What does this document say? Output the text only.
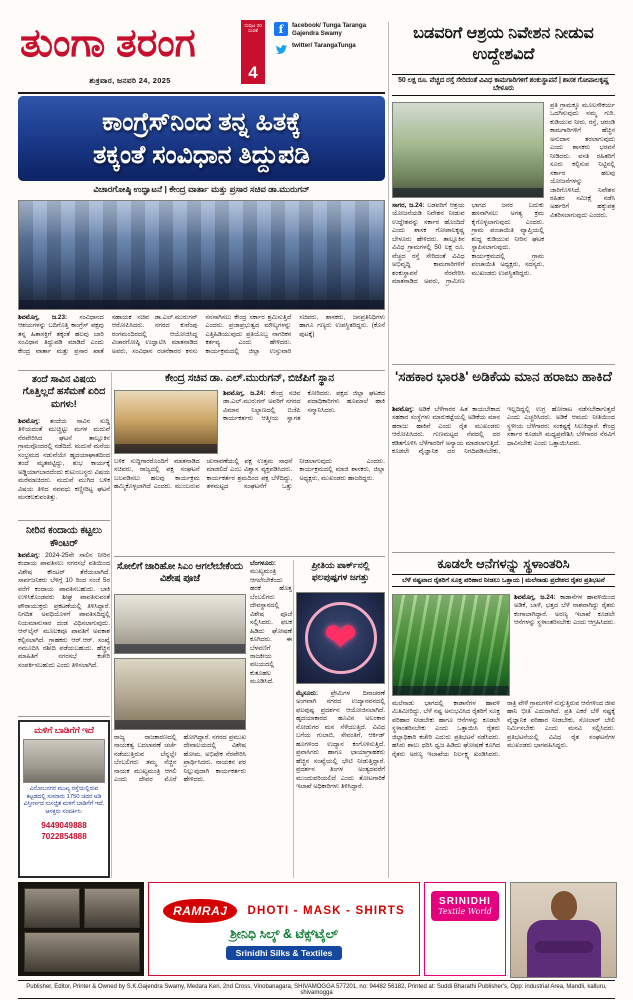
ತುಂಗಾ ತರಂಗ
ಶುಕ್ರವಾರ, ಜನವರಿ 24, 2025
ಸಂಪುಟ 20 ಸಂಚಿಕೆ
4
f	facebook/ Tunga Taranga Gajendra Swamy
twitter/ TarangaTunga
ಕಾಂಗ್ರೆಸ್‌ನಿಂದ ತನ್ನ ಹಿತಕ್ಕೆ
ತಕ್ಕಂತೆ ಸಂವಿಧಾನ ತಿದ್ದುಪಡಿ
ವಿಚಾರಗೋಷ್ಠಿ ಉದ್ಘಾಟನೆ | ಕೇಂದ್ರ ವಾರ್ತಾ ಮತ್ತು ಪ್ರಸಾರ ಸಚಿವ ಡಾ.ಮುರುಗನ್
ಶಿವಮೊಗ್ಗ, ಜ.23: ಸಂವಿಧಾನದ ಆಶಯಗಳನ್ನು ಬದಿಗೊತ್ತಿ ಕಾಂಗ್ರೆಸ್ ಪಕ್ಷವು ತನ್ನ ಹಿತಾಸಕ್ತಿಗೆ ತಕ್ಕಂತೆ ಹಲವು ಬಾರಿ ಸಂವಿಧಾನ ತಿದ್ದುಪಡಿ ಮಾಡಿದೆ ಎಂದು ಕೇಂದ್ರ ವಾರ್ತಾ ಮತ್ತು ಪ್ರಸಾರ ಖಾತೆ ಸಹಾಯಕ ಸಚಿವ ಡಾ.ಎಲ್.ಮುರುಗನ್ ಆರೋಪಿಸಿದರು. ನಗರದ ಕುವೆಂಪು ರಂಗಮಂದಿರದಲ್ಲಿ ಆಯೋಜಿಸಿದ್ದ ವಿಚಾರಗೋಷ್ಠಿ ಉದ್ಘಾಟಿಸಿ ಮಾತನಾಡಿದ ಅವರು, ಸಂವಿಧಾನ ರಚನೆಕಾರರ ಕನಸು ನನಸಾಗಿಸಲು ಕೇಂದ್ರ ಸರ್ಕಾರ ಶ್ರಮಿಸುತ್ತಿದೆ ಎಂದರು. ಪ್ರಜಾಪ್ರಭುತ್ವದ ಮೌಲ್ಯಗಳನ್ನು ಎತ್ತಿಹಿಡಿಯುವುದು ಪ್ರತಿಯೊಬ್ಬ ನಾಗರಿಕನ ಕರ್ತವ್ಯ ಎಂದು ಹೇಳಿದರು. ಕಾರ್ಯಕ್ರಮದಲ್ಲಿ ಜಿಲ್ಲಾ ಉಸ್ತುವಾರಿ ಸಚಿವರು, ಶಾಸಕರು, ಜನಪ್ರತಿನಿಧಿಗಳು ಹಾಗೂ ಗಣ್ಯರು ಉಪಸ್ಥಿತರಿದ್ದರು. (ಕೊನೆ ಪುಟಕ್ಕೆ)
ಬಡವರಿಗೆ ಆಶ್ರಯ ನಿವೇಶನ ನೀಡುವ ಉದ್ದೇಶವಿದೆ
50 ಲಕ್ಷ ರೂ. ವೆಚ್ಚದ ರಸ್ತೆ ಸೇರಿದಂತೆ ವಿವಿಧ ಕಾಮಗಾರಿಗಳಿಗೆ ಶಂಕುಸ್ಥಾಪನೆ | ಶಾಸಕ ಗೋಪಾಲಕೃಷ್ಣ ಬೇಳೂರು
ಪ್ರತಿ ಗ್ರಾಮಕ್ಕೂ ಮೂಲಸೌಕರ್ಯ ಒದಗಿಸುವುದು ನಮ್ಮ ಗುರಿ. ಕುಡಿಯುವ ನೀರು, ರಸ್ತೆ, ಚರಂಡಿ ಕಾಮಗಾರಿಗಳಿಗೆ ಹೆಚ್ಚಿನ ಅನುದಾನ ತರಲಾಗುವುದು ಎಂದು ಶಾಸಕರು ಭರವಸೆ ನೀಡಿದರು. ವಸತಿ ರಹಿತರಿಗೆ ಸೂರು ಕಲ್ಪಿಸುವ ನಿಟ್ಟಿನಲ್ಲಿ ಸರ್ಕಾರ ಹಲವು ಯೋಜನೆಗಳನ್ನು ಜಾರಿಗೊಳಿಸಿದೆ. ನಿವೇಶನ ರಹಿತರ ಸಮೀಕ್ಷೆ ನಡೆಸಿ ಅರ್ಹರಿಗೆ ಹಕ್ಕುಪತ್ರ ವಿತರಿಸಲಾಗುವುದು ಎಂದರು.
ಸಾಗರ, ಜ.24: ಬಡವರಿಗೆ ಆಶ್ರಯ ಯೋಜನೆಯಡಿ ನಿವೇಶನ ನೀಡುವ ಉದ್ದೇಶವನ್ನು ಸರ್ಕಾರ ಹೊಂದಿದೆ ಎಂದು ಶಾಸಕ ಗೋಪಾಲಕೃಷ್ಣ ಬೇಳೂರು ಹೇಳಿದರು. ತಾಲ್ಲೂಕಿನ ವಿವಿಧ ಗ್ರಾಮಗಳಲ್ಲಿ 50 ಲಕ್ಷ ರೂ. ವೆಚ್ಚದ ರಸ್ತೆ ಸೇರಿದಂತೆ ವಿವಿಧ ಅಭಿವೃದ್ಧಿ ಕಾಮಗಾರಿಗಳಿಗೆ ಶಂಕುಸ್ಥಾಪನೆ ನೆರವೇರಿಸಿ ಮಾತನಾಡಿದ ಅವರು, ಗ್ರಾಮೀಣ ಭಾಗದ ಜನರ ಬದುಕು ಹಸನಾಗಿಸಲು ಅಗತ್ಯ ಕ್ರಮ ಕೈಗೊಳ್ಳಲಾಗುವುದು ಎಂದರು. ಗ್ರಾಮ ಪಂಚಾಯಿತಿ ವ್ಯಾಪ್ತಿಯಲ್ಲಿ ಶುದ್ಧ ಕುಡಿಯುವ ನೀರಿನ ಘಟಕ ಸ್ಥಾಪಿಸಲಾಗುವುದು. ಕಾರ್ಯಕ್ರಮದಲ್ಲಿ ಗ್ರಾಮ ಪಂಚಾಯಿತಿ ಅಧ್ಯಕ್ಷರು, ಸದಸ್ಯರು, ಮುಖಂಡರು ಉಪಸ್ಥಿತರಿದ್ದರು.
ತಂದೆ ಸಾವಿನ ವಿಷಯ ಗೊತ್ತಿಲ್ಲದೆ ಹಸೆಮಣೆ ಏರಿದ ಮಗಳು!
ಶಿವಮೊಗ್ಗ: ತಂದೆಯ ಸಾವಿನ ಸುದ್ದಿ ತಿಳಿಯದಂತೆ ಮುಚ್ಚಿಟ್ಟು ಮಗಳ ಮದುವೆ ನೆರವೇರಿಸಿದ ಘಟನೆ ತಾಲ್ಲೂಕಿನ ಗ್ರಾಮವೊಂದರಲ್ಲಿ ನಡೆದಿದೆ. ಮದುವೆ ಮನೆಯ ಸಂಭ್ರಮದ ನಡುವೆಯೇ ಹೃದಯಾಘಾತದಿಂದ ತಂದೆ ಮೃತಪಟ್ಟಿದ್ದು, ಶುಭ ಕಾರ್ಯಕ್ಕೆ ಅಡ್ಡಿಯಾಗಬಾರದೆಂದು ಕುಟುಂಬಸ್ಥರು ವಿಷಯ ಮರೆಮಾಚಿದರು. ಮದುವೆ ಮುಗಿದ ಬಳಿಕ ವಿಷಯ ತಿಳಿದ ನವವಧು ಕಣ್ಣೀರಿಟ್ಟ ಘಟನೆ ಮನಕಲಕುವಂತಿತ್ತು.
ನೀರಿನ ಕಂದಾಯ ಕಟ್ಟಲು ಕೌಂಟರ್
ಶಿವಮೊಗ್ಗ: 2024-25ನೇ ಸಾಲಿನ ನೀರಿನ ಕಂದಾಯ ಪಾವತಿಸಲು ನಗರಸಭೆ ವತಿಯಿಂದ ವಿಶೇಷ ಕೌಂಟರ್ ತೆರೆಯಲಾಗಿದೆ. ಸಾರ್ವಜನಿಕರು ಬೆಳಿಗ್ಗೆ 10 ರಿಂದ ಸಂಜೆ 5ರ ವರೆಗೆ ಕಂದಾಯ ಪಾವತಿಸಬಹುದು. ಬಾಕಿ ಉಳಿಸಿಕೊಂಡವರು ಶೀಘ್ರ ಪಾವತಿಸುವಂತೆ ಪೌರಾಯುಕ್ತರು ಪ್ರಕಟಣೆಯಲ್ಲಿ ತಿಳಿಸಿದ್ದಾರೆ. ನಿಗದಿತ ಅವಧಿಯೊಳಗೆ ಪಾವತಿಸದಿದ್ದಲ್ಲಿ ನಿಯಮಾನುಸಾರ ದಂಡ ವಿಧಿಸಲಾಗುವುದು. ಆನ್‌ಲೈನ್ ಮೂಲಕವೂ ಪಾವತಿಗೆ ಅವಕಾಶ ಕಲ್ಪಿಸಲಾಗಿದೆ. ಗ್ರಾಹಕರು ಆರ್.ಆರ್. ಸಂಖ್ಯೆ ನಮೂದಿಸಿ ರಶೀದಿ ಪಡೆಯಬಹುದು. ಹೆಚ್ಚಿನ ಮಾಹಿತಿಗೆ ನಗರಸಭೆ ಕಚೇರಿ ಸಂಪರ್ಕಿಸಬಹುದು ಎಂದು ತಿಳಿಸಲಾಗಿದೆ.
ಮಳಿಗೆ ಬಾಡಿಗೆಗೆ ಇದೆ
ವಿನೋಬನಗರ ಮುಖ್ಯ ರಸ್ತೆಯಲ್ಲಿರುವ ಕಟ್ಟಡದಲ್ಲಿ ಸುಮಾರು 1750 ಚದರ ಅಡಿ ವಿಸ್ತೀರ್ಣದ ಸುಸಜ್ಜಿತ ಮಳಿಗೆ ಬಾಡಿಗೆಗೆ ಇದೆ. ಆಸಕ್ತರು ಸಂಪರ್ಕಿಸಿ:
9449049888
7022854888
ಕೇಂದ್ರ ಸಚಿವ ಡಾ. ಎಲ್.ಮುರುಗನ್, ಬಿಜೆಪಿಗೆ ಸ್ಥಾನ
ಶಿವಮೊಗ್ಗ, ಜ.24: ಕೇಂದ್ರ ಸಚಿವ ಡಾ.ಎಲ್.ಮುರುಗನ್ ಅವರಿಗೆ ನಗರದ ವಿಮಾನ ನಿಲ್ದಾಣದಲ್ಲಿ ಬಿಜೆಪಿ ಕಾರ್ಯಕರ್ತರು ಆತ್ಮೀಯ ಸ್ವಾಗತ ಕೋರಿದರು. ಪಕ್ಷದ ಜಿಲ್ಲಾ ಘಟಕದ ಪದಾಧಿಕಾರಿಗಳು ಹೂಮಾಲೆ ಹಾಕಿ ಸನ್ಮಾನಿಸಿದರು.
ಬಳಿಕ ಸುದ್ದಿಗಾರರೊಂದಿಗೆ ಮಾತನಾಡಿದ ಸಚಿವರು, ರಾಜ್ಯದಲ್ಲಿ ಪಕ್ಷ ಸಂಘಟನೆ ಬಲಪಡಿಸಲು ಹಲವು ಕಾರ್ಯಕ್ರಮ ಹಮ್ಮಿಕೊಳ್ಳಲಾಗಿದೆ ಎಂದರು. ಮುಂಬರುವ ಚುನಾವಣೆಯಲ್ಲಿ ಪಕ್ಷ ಉತ್ತಮ ಸಾಧನೆ ಮಾಡಲಿದೆ ಎಂಬ ವಿಶ್ವಾಸ ವ್ಯಕ್ತಪಡಿಸಿದರು. ಕಾರ್ಯಕರ್ತರ ಶ್ರಮದಿಂದ ಪಕ್ಷ ಬೆಳೆದಿದ್ದು, ತಳಮಟ್ಟದ ಸಂಘಟನೆಗೆ ಒತ್ತು ನೀಡಲಾಗುವುದು ಎಂದರು. ಕಾರ್ಯಕ್ರಮದಲ್ಲಿ ಮಾಜಿ ಶಾಸಕರು, ಜಿಲ್ಲಾ ಅಧ್ಯಕ್ಷರು, ಮುಖಂಡರು ಹಾಜರಿದ್ದರು.
ಸೋಲಿಗೆ ಜಾರಿಹೋ ಸಿಎಂ ಆಗಲೇಬೇಕೆಂದು ವಿಶೇಷ ಪೂಜೆ
ಬೆಂಗಳೂರು: ಮುಖ್ಯಮಂತ್ರಿ ಆಗಲೇಬೇಕೆಂದು ಹರಕೆ ಹೊತ್ತ ಬೆಂಬಲಿಗರು ದೇವಸ್ಥಾನದಲ್ಲಿ ವಿಶೇಷ ಪೂಜೆ ಸಲ್ಲಿಸಿದರು. ಫಲಕ ಹಿಡಿದು ಘೋಷಣೆ ಕೂಗಿದರು. ಈ ಬೆಳವಣಿಗೆ ರಾಜಕೀಯ ವಲಯದಲ್ಲಿ ಕುತೂಹಲ ಮೂಡಿಸಿದೆ.
ರಾಜ್ಯ ರಾಜಕಾರಣದಲ್ಲಿ ನಾಯಕತ್ವ ಬದಲಾವಣೆ ಚರ್ಚೆ ನಡೆಯುತ್ತಿರುವ ಬೆನ್ನಲ್ಲೇ ಬೆಂಬಲಿಗರು ತಮ್ಮ ನೆಚ್ಚಿನ ನಾಯಕ ಮುಖ್ಯಮಂತ್ರಿ ಆಗಲಿ ಎಂದು ದೇವರ ಮೊರೆ ಹೋಗಿದ್ದಾರೆ. ನಗರದ ಪ್ರಮುಖ ದೇವಾಲಯದಲ್ಲಿ ವಿಶೇಷ ಹೋಮ, ಅಭಿಷೇಕ ನೆರವೇರಿಸಿ ಪ್ರಾರ್ಥಿಸಿದರು. ನಾಯಕನ ಪರ ನಿಲ್ಲುವುದಾಗಿ ಕಾರ್ಯಕರ್ತರು ಹೇಳಿದರು.
ಪ್ರೀತಿಯ ಪಾರ್ಕ್‌ನಲ್ಲಿ ಫಲಪುಷ್ಪಗಳ ಜಗತ್ತು
❤
ಮೈಸೂರು: ಪ್ರೇಮಿಗಳ ದಿನಾಚರಣೆ ಅಂಗವಾಗಿ ನಗರದ ಉದ್ಯಾನವನದಲ್ಲಿ ಫಲಪುಷ್ಪ ಪ್ರದರ್ಶನ ಆಯೋಜಿಸಲಾಗಿದೆ. ಹೃದಯಾಕಾರದ ಹೂವಿನ ಅಲಂಕಾರ ನೋಡುಗರ ಮನ ಸೆಳೆಯುತ್ತಿದೆ. ವಿವಿಧ ಬಗೆಯ ಗುಲಾಬಿ, ಸೇವಂತಿಗೆ, ಆರ್ಕಿಡ್ ಹೂಗಳಿಂದ ಉದ್ಯಾನ ಕಂಗೊಳಿಸುತ್ತಿದೆ. ಪ್ರವಾಸಿಗರು ಹಾಗೂ ಛಾಯಾಗ್ರಾಹಕರು ಹೆಚ್ಚಿನ ಸಂಖ್ಯೆಯಲ್ಲಿ ಭೇಟಿ ನೀಡುತ್ತಿದ್ದಾರೆ. ಪ್ರದರ್ಶನ ತಿಂಗಳ ಅಂತ್ಯದವರೆಗೆ ಮುಂದುವರಿಯಲಿದೆ ಎಂದು ತೋಟಗಾರಿಕೆ ಇಲಾಖೆ ಅಧಿಕಾರಿಗಳು ತಿಳಿಸಿದ್ದಾರೆ.
'ಸಹಕಾರ ಭಾರತಿ' ಅಡಿಕೆಯ ಮಾನ ಹರಾಜು ಹಾಕಿದೆ
ಶಿವಮೊಗ್ಗ: ಅಡಿಕೆ ಬೆಳೆಗಾರರ ಹಿತ ಕಾಯಬೇಕಾದ ಸಹಕಾರ ಸಂಸ್ಥೆಗಳು ಮಾರುಕಟ್ಟೆಯಲ್ಲಿ ಅಡಿಕೆಯ ಮಾನ ಹರಾಜು ಹಾಕಿವೆ ಎಂದು ರೈತ ಮುಖಂಡರು ಆರೋಪಿಸಿದರು. ಗುಣಮಟ್ಟದ ನೆಪದಲ್ಲಿ ದರ ಕಡಿತಗೊಳಿಸಿ ಬೆಳೆಗಾರರಿಗೆ ಅನ್ಯಾಯ ಮಾಡಲಾಗುತ್ತಿದೆ. ಕೂಡಲೇ ವೈಜ್ಞಾನಿಕ ದರ ನಿಗದಿಪಡಿಸಬೇಕು, ಇಲ್ಲದಿದ್ದಲ್ಲಿ ಉಗ್ರ ಹೋರಾಟ ನಡೆಸಬೇಕಾಗುತ್ತದೆ ಎಂದು ಎಚ್ಚರಿಸಿದರು. ಅಡಿಕೆ ಆಮದು ನೀತಿಯಿಂದ ಸ್ಥಳೀಯ ಬೆಳೆಗಾರರು ಸಂಕಷ್ಟಕ್ಕೆ ಸಿಲುಕಿದ್ದಾರೆ. ಕೇಂದ್ರ ಸರ್ಕಾರ ಕೂಡಲೇ ಮಧ್ಯಪ್ರವೇಶಿಸಿ ಬೆಳೆಗಾರರ ನೆರವಿಗೆ ಧಾವಿಸಬೇಕು ಎಂದು ಒತ್ತಾಯಿಸಿದರು.
ಕೂಡಲೇ ಆನೆಗಳನ್ನು ಸ್ಥಳಾಂತರಿಸಿ
ಬೆಳೆ ನಷ್ಟವಾದ ರೈತರಿಗೆ ಸೂಕ್ತ ಪರಿಹಾರ ನೀಡಲು ಒತ್ತಾಯ | ಮಲೆನಾಡು ಪ್ರದೇಶದ ರೈತರ ಪ್ರತಿಭಟನೆ
ಶಿವಮೊಗ್ಗ, ಜ.24: ಕಾಡಾನೆಗಳ ಹಾವಳಿಯಿಂದ ಅಡಿಕೆ, ಬಾಳೆ, ಭತ್ತದ ಬೆಳೆ ನಾಶವಾಗಿದ್ದು ರೈತರು ಕಂಗಾಲಾಗಿದ್ದಾರೆ. ಅರಣ್ಯ ಇಲಾಖೆ ಕೂಡಲೇ ಆನೆಗಳನ್ನು ಸ್ಥಳಾಂತರಿಸಬೇಕು ಎಂದು ಆಗ್ರಹಿಸಿದರು.
ಮಲೆನಾಡು ಭಾಗದಲ್ಲಿ ಕಾಡಾನೆಗಳ ಹಾವಳಿ ಮಿತಿಮೀರಿದ್ದು, ಬೆಳೆ ನಷ್ಟ ಅನುಭವಿಸಿದ ರೈತರಿಗೆ ಸೂಕ್ತ ಪರಿಹಾರ ನೀಡಬೇಕು ಹಾಗೂ ಆನೆಗಳನ್ನು ಕೂಡಲೇ ಸ್ಥಳಾಂತರಿಸಬೇಕು ಎಂದು ಒತ್ತಾಯಿಸಿ ರೈತರು ಜಿಲ್ಲಾಧಿಕಾರಿ ಕಚೇರಿ ಎದುರು ಪ್ರತಿಭಟನೆ ನಡೆಸಿದರು. ಹಸಿರು ಶಾಲು ಧರಿಸಿ ಧ್ವಜ ಹಿಡಿದು ಘೋಷಣೆ ಕೂಗಿದ ರೈತರು ಅರಣ್ಯ ಇಲಾಖೆಯ ನಿರ್ಲಕ್ಷ್ಯ ಖಂಡಿಸಿದರು. ರಾತ್ರಿ ವೇಳೆ ಗ್ರಾಮಗಳಿಗೆ ನುಗ್ಗುತ್ತಿರುವ ಆನೆಗಳಿಂದ ಜೀವ ಹಾನಿ ಭೀತಿ ಎದುರಾಗಿದೆ. ಪ್ರತಿ ಎಕರೆ ಬೆಳೆ ನಷ್ಟಕ್ಕೆ ವೈಜ್ಞಾನಿಕ ಪರಿಹಾರ ನೀಡಬೇಕು, ಸೋಲಾರ್ ಬೇಲಿ ನಿರ್ಮಿಸಬೇಕು ಎಂದು ಮನವಿ ಸಲ್ಲಿಸಿದರು. ಪ್ರತಿಭಟನೆಯಲ್ಲಿ ವಿವಿಧ ರೈತ ಸಂಘಟನೆಗಳ ಮುಖಂಡರು ಭಾಗವಹಿಸಿದ್ದರು.
RAMRAJ	DHOTI - MASK - SHIRTS
ಶ್ರೀನಿಧಿ ಸಿಲ್ಕ್ & ಟೆಕ್ಸ್‌ಟೈಲ್
Srinidhi Silks & Textiles
SRINIDHI
Textile World
Publisher, Editor, Printer & Owned by S.K.Gajendra Swamy, Medara Keri, 2nd Cross, Vinobanagara, SHIVAMOGGA 577201, no: 94482 56182, Printed at: Suddi Bharathi Publisher's, Opp: industrial Area, Mandli, kalluru, shivamogga
